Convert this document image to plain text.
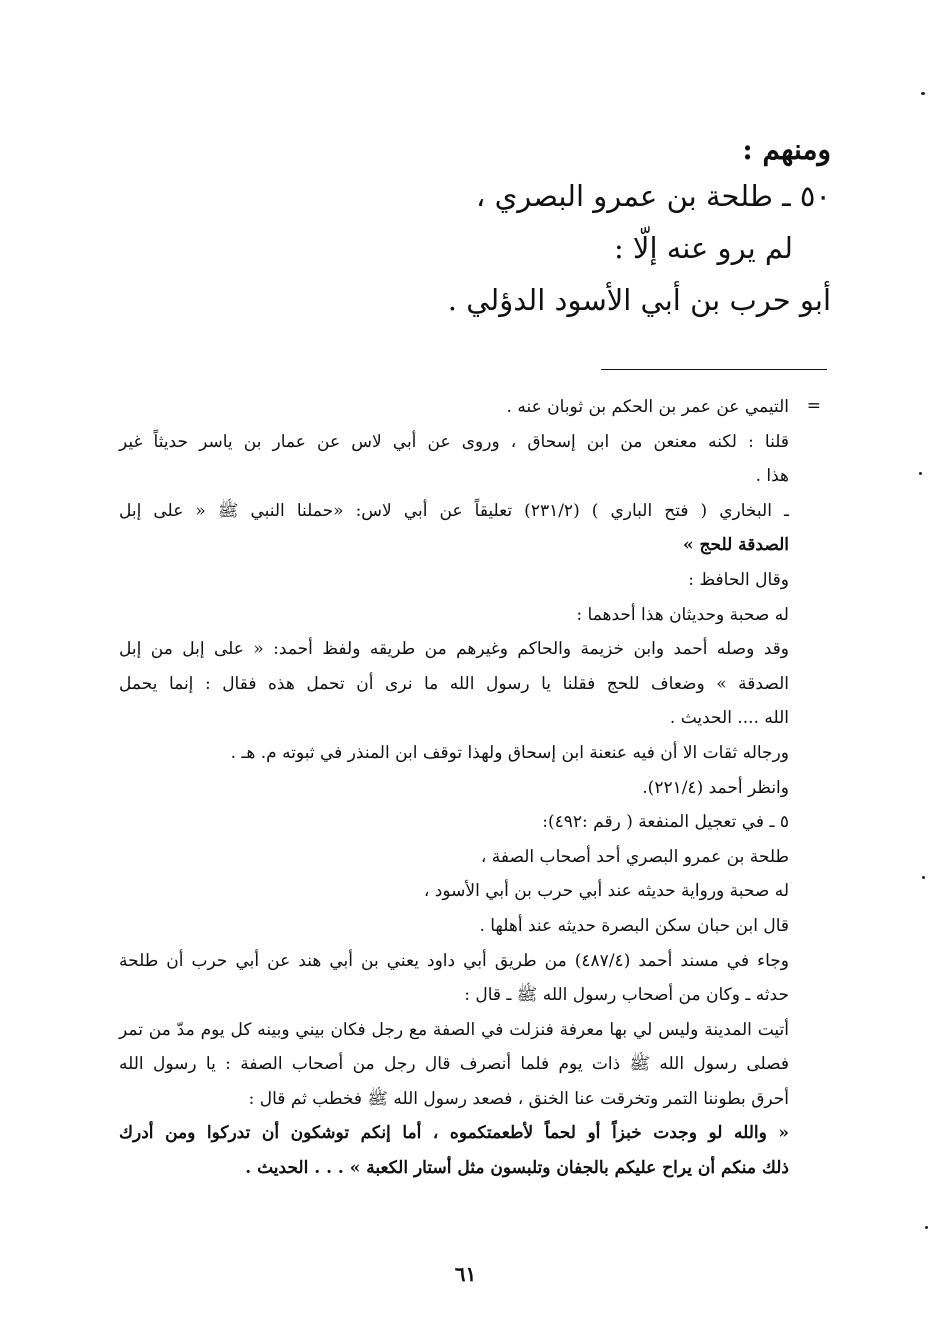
ومنهم :

٥٠ ـ طلحة بن عمرو البصري ،

لم يرو عنه إلّا :

أبو حرب بن أبي الأسود الدؤلي .

=

التيمي عن عمر بن الحكم بن ثوبان عنه .

قلنا : لكنه معنعن من ابن إسحاق ، وروى عن أبي لاس عن عمار بن ياسر حديثاً غير

هذا .

ـ البخاري ( فتح الباري ) (٢٣١/٢) تعليقاً عن أبي لاس: «حملنا النبي ﷺ « على إبل

الصدقة للحج »

وقال الحافظ :

له صحبة وحديثان هذا أحدهما :

وقد وصله أحمد وابن خزيمة والحاكم وغيرهم من طريقه ولفظ أحمد: « على إبل من إبل

الصدقة » وضعاف للحج فقلنا يا رسول الله ما نرى أن تحمل هذه فقال : إنما يحمل

الله .... الحديث .

ورجاله ثقات الا أن فيه عنعنة ابن إسحاق ولهذا توقف ابن المنذر في ثبوته م. هـ .

وانظر أحمد (٢٢١/٤).

٥ ـ في تعجيل المنفعة ( رقم :٤٩٢):

طلحة بن عمرو البصري أحد أصحاب الصفة ،

له صحبة ورواية حديثه عند أبي حرب بن أبي الأسود ،

قال ابن حبان سكن البصرة حديثه عند أهلها .

وجاء في مسند أحمد (٤٨٧/٤) من طريق أبي داود يعني بن أبي هند عن أبي حرب أن طلحة

حدثه ـ وكان من أصحاب رسول الله ﷺ ـ قال :

أتيت المدينة وليس لي بها معرفة فنزلت في الصفة مع رجل فكان بيني وبينه كل يوم مدّ من تمر

فصلى رسول الله ﷺ ذات يوم فلما أنصرف قال رجل من أصحاب الصفة : يا رسول الله

أحرق بطوننا التمر وتخرقت عنا الخنق ، فصعد رسول الله ﷺ فخطب ثم قال :

« والله لو وجدت خبزاً أو لحماً لأطعمتكموه ، أما إنكم توشكون أن تدركوا ومن أدرك

ذلك منكم أن يراح عليكم بالجفان وتلبسون مثل أستار الكعبة » . . . الحديث .

٦١
